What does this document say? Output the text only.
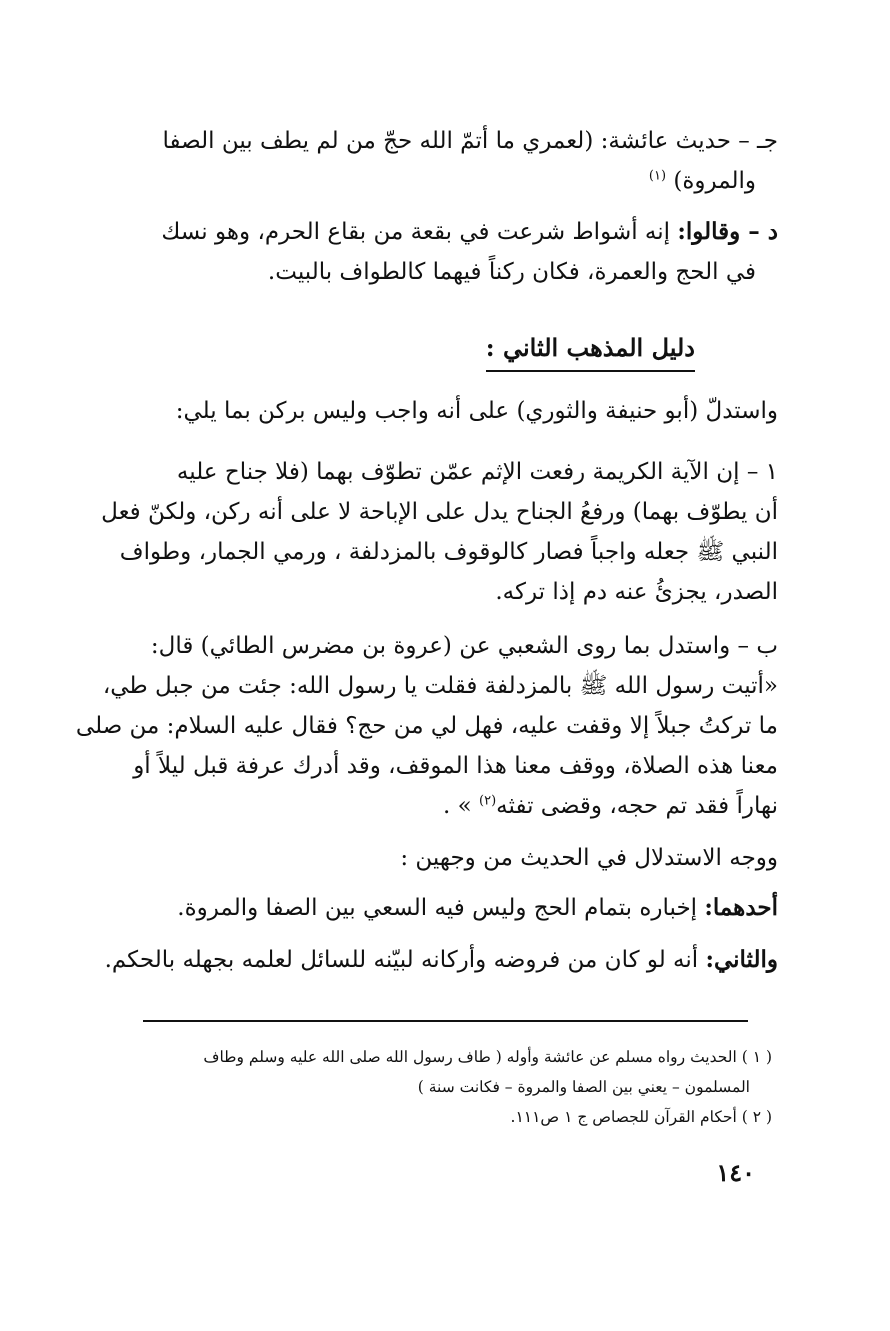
جـ – حديث عائشة: (لعمري ما أتمّ الله حجّ من لم يطف بين الصفا
والمروة) $^{(١)}$
د – وقالوا: إنه أشواط شرعت في بقعة من بقاع الحرم، وهو نسك
في الحج والعمرة، فكان ركناً فيهما كالطواف بالبيت.
دليل المذهب الثاني :
واستدلّ (أبو حنيفة والثوري) على أنه واجب وليس بركن بما يلي:
١ – إن الآية الكريمة رفعت الإثم عمّن تطوّف بهما (فلا جناح عليه
أن يطوّف بهما) ورفعُ الجناح يدل على الإباحة لا على أنه ركن، ولكنّ فعل
النبي ﷺ جعله واجباً فصار كالوقوف بالمزدلفة ، ورمي الجمار، وطواف
الصدر، يجزئُ عنه دم إذا تركه.
ب – واستدل بما روى الشعبي عن (عروة بن مضرس الطائي) قال:
«أتيت رسول الله ﷺ بالمزدلفة فقلت يا رسول الله: جئت من جبل طي،
ما تركتُ جبلاً إلا وقفت عليه، فهل لي من حج؟ فقال عليه السلام: من صلى
معنا هذه الصلاة، ووقف معنا هذا الموقف، وقد أدرك عرفة قبل ليلاً أو
نهاراً فقد تم حجه، وقضى تفثه$^{(٢)}$ » .
ووجه الاستدلال في الحديث من وجهين :
أحدهما: إخباره بتمام الحج وليس فيه السعي بين الصفا والمروة.
والثاني: أنه لو كان من فروضه وأركانه لبيّنه للسائل لعلمه بجهله بالحكم.
( ١ ) الحديث رواه مسلم عن عائشة وأوله ( طاف رسول الله صلى الله عليه وسلم وطاف
المسلمون – يعني بين الصفا والمروة – فكانت سنة )
( ٢ ) أحكام القرآن للجصاص ج ١ ص١١١.
١٤٠
